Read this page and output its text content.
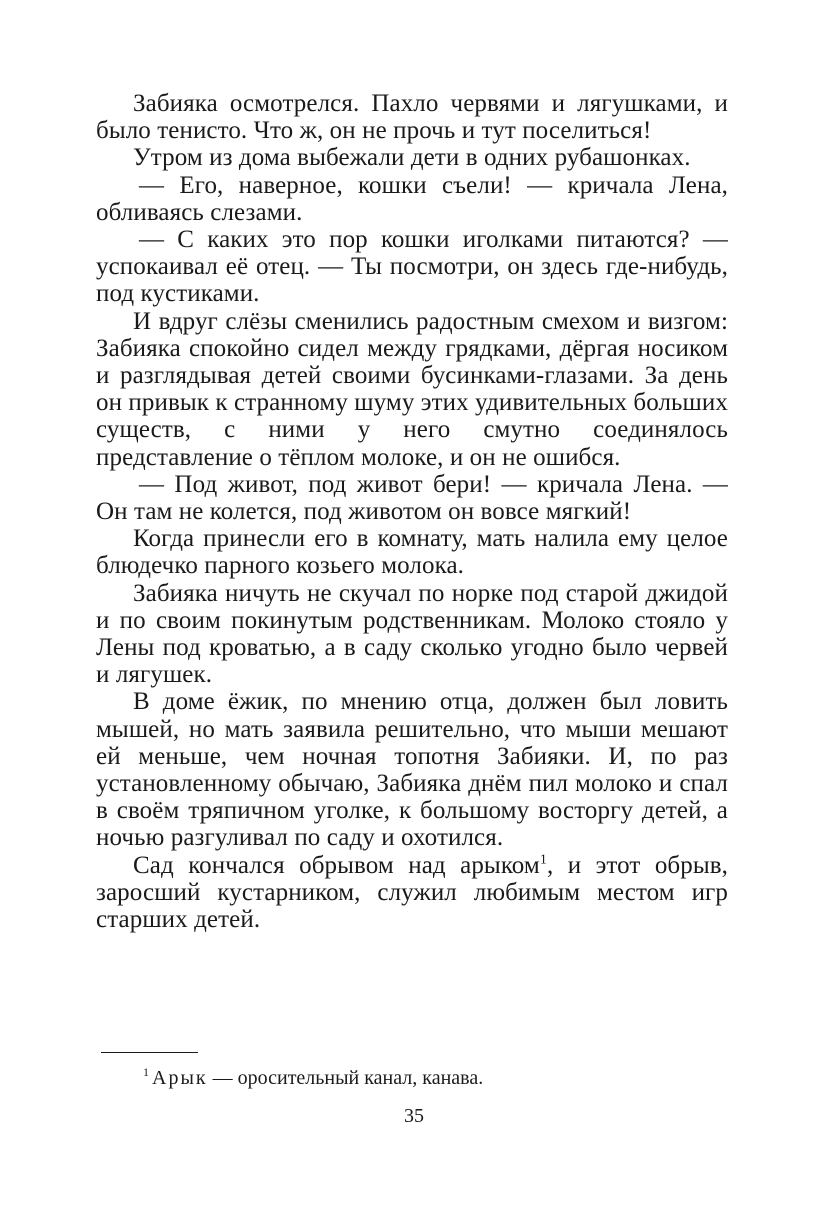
Забияка осмотрелся. Пахло червями и лягушками, и было тенисто. Что ж, он не прочь и тут поселиться!

Утром из дома выбежали дети в одних рубашонках.

— Его, наверное, кошки съели! — кричала Лена, обливаясь слезами.

— С каких это пор кошки иголками питаются? — успокаивал её отец. — Ты посмотри, он здесь где-нибудь, под кустиками.

И вдруг слёзы сменились радостным смехом и визгом: Забияка спокойно сидел между грядками, дёргая носиком и разглядывая детей своими бусинками-глазами. За день он привык к странному шуму этих удивительных больших существ, с ними у него смутно соединялось представление о тёплом молоке, и он не ошибся.

— Под живот, под живот бери! — кричала Лена. — Он там не колется, под животом он вовсе мягкий!

Когда принесли его в комнату, мать налила ему целое блюдечко парного козьего молока.

Забияка ничуть не скучал по норке под старой джидой и по своим покинутым родственникам. Молоко стояло у Лены под кроватью, а в саду сколько угодно было червей и лягушек.

В доме ёжик, по мнению отца, должен был ловить мышей, но мать заявила решительно, что мыши мешают ей меньше, чем ночная топотня Забияки. И, по раз установленному обычаю, Забияка днём пил молоко и спал в своём тряпичном уголке, к большому восторгу детей, а ночью разгуливал по саду и охотился.

Сад кончался обрывом над арыком$^1$, и этот обрыв, заросший кустарником, служил любимым местом игр старших детей.

$^1$ Арык — оросительный канал, канава.
35
